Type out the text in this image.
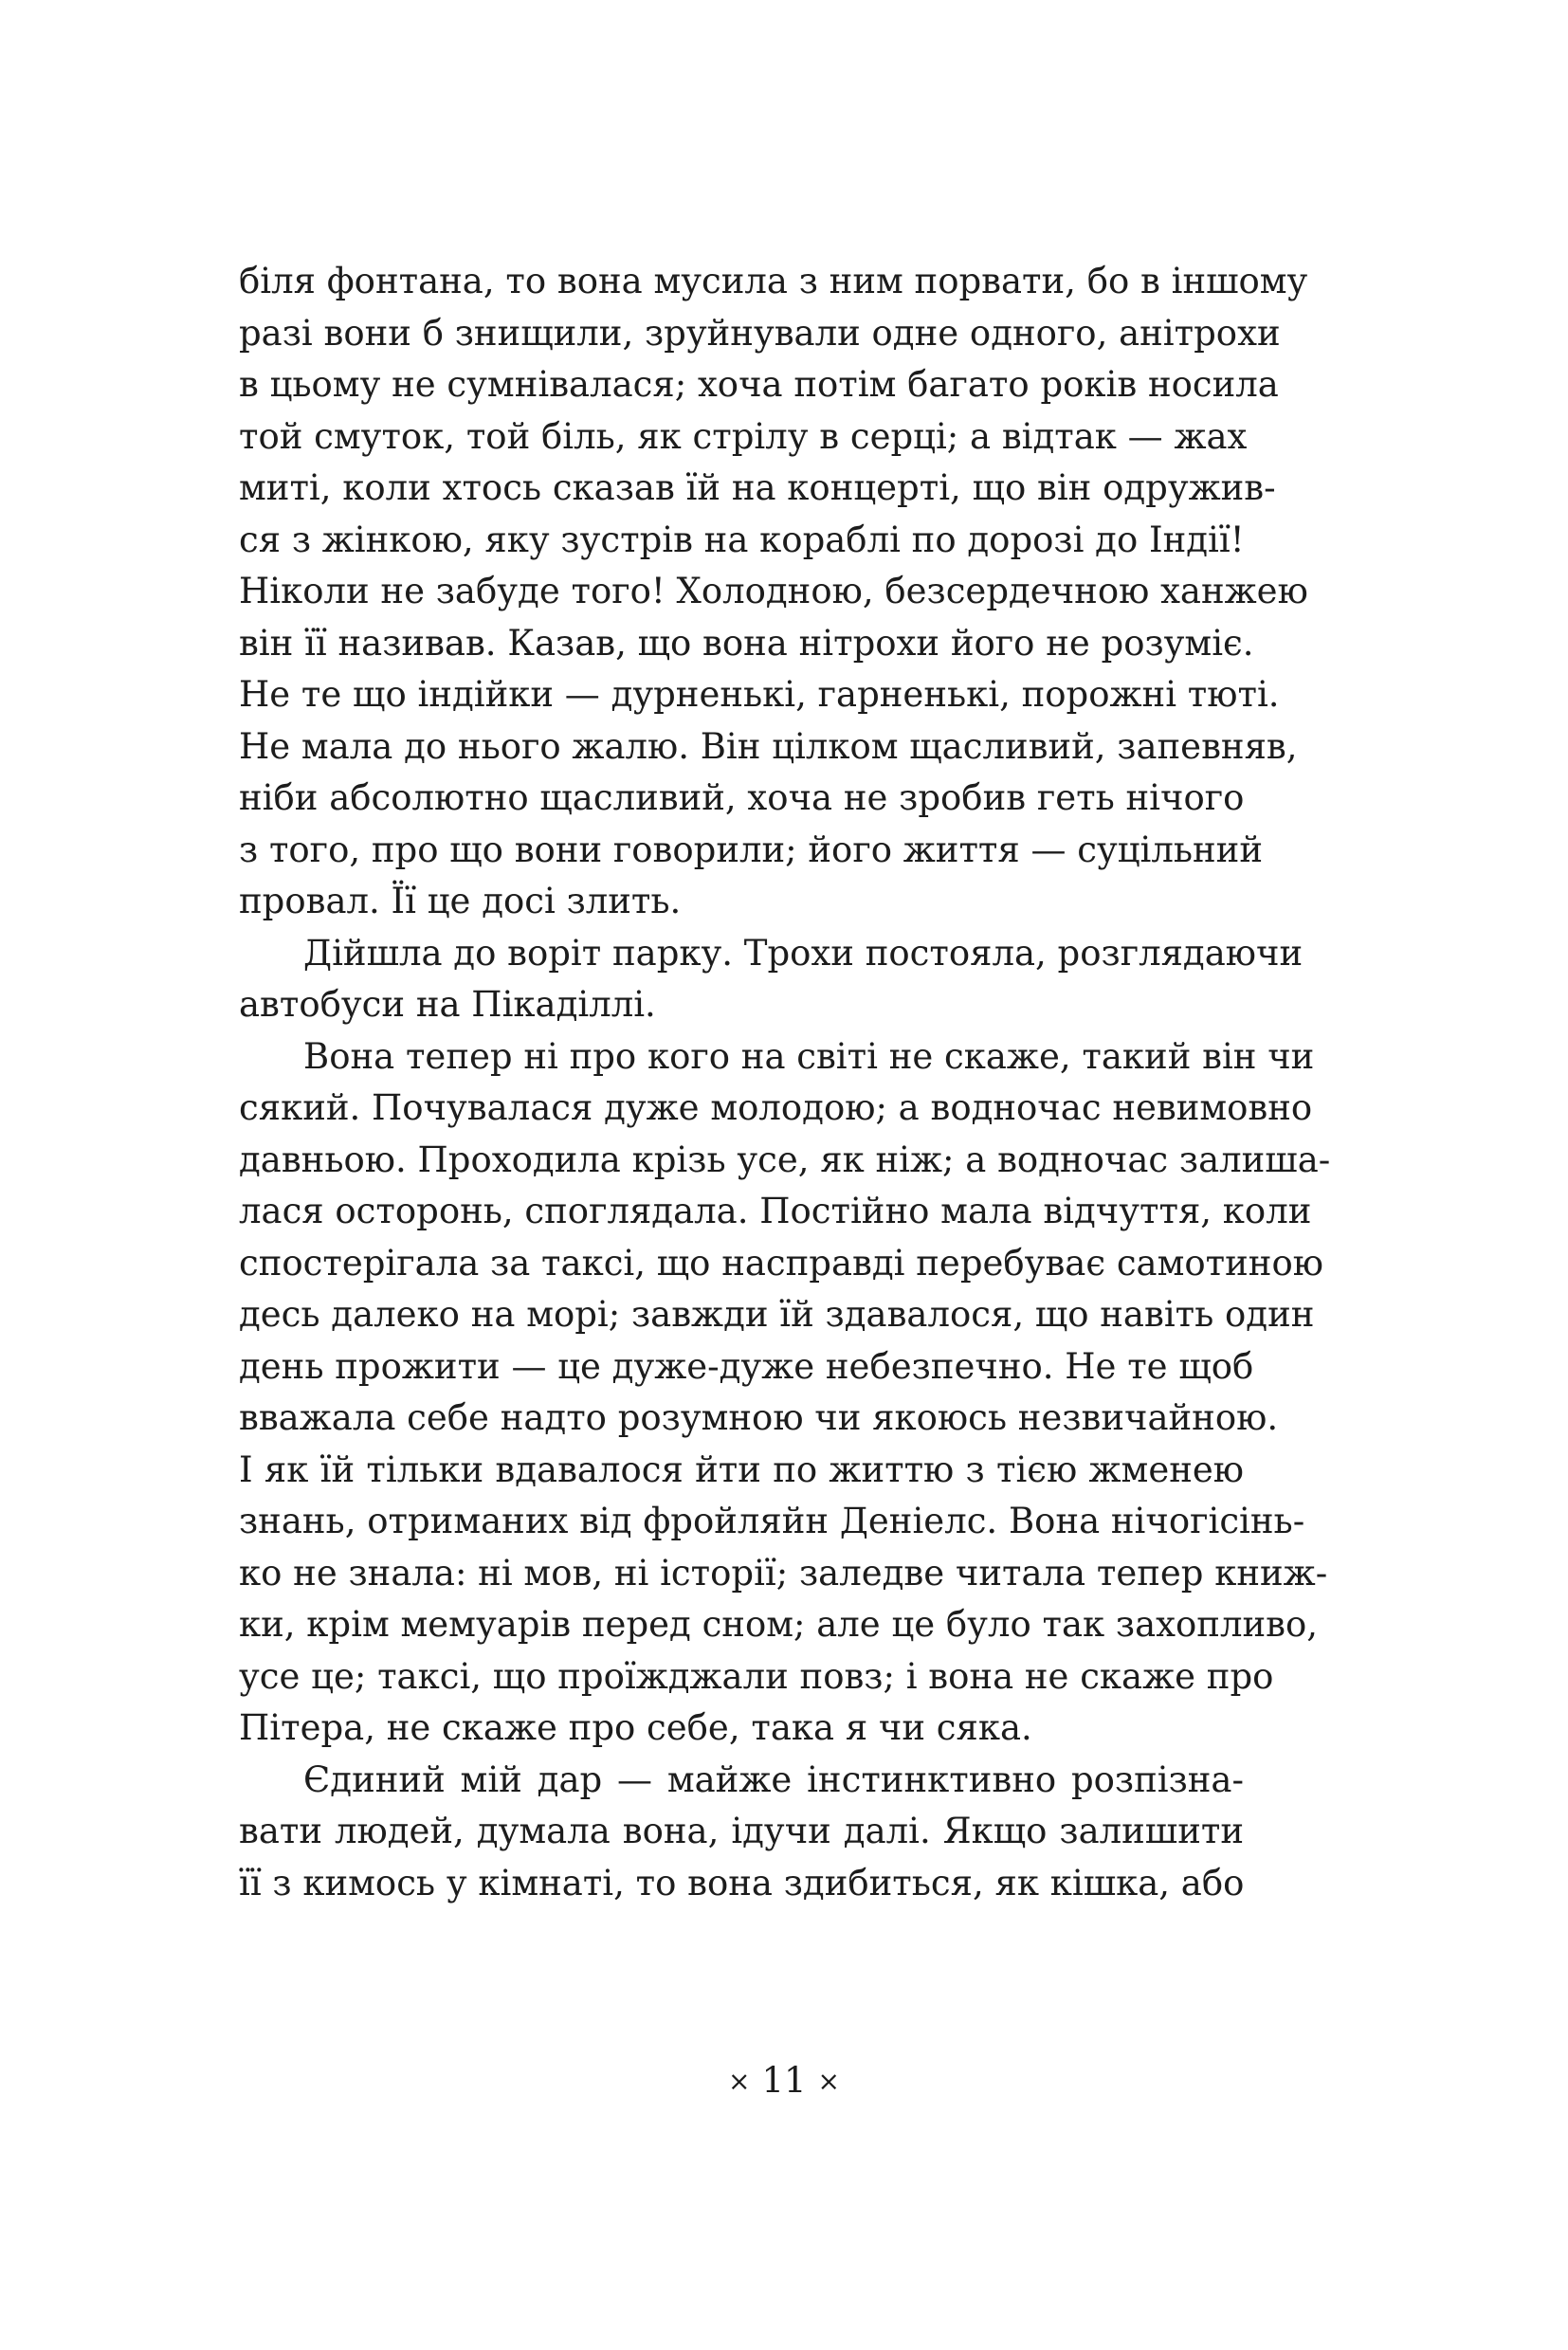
біля фонтана, то вона мусила з ним порвати, бо в іншому
разі вони б знищили, зруйнували одне одного, анітрохи
в цьому не сумнівалася; хоча потім багато років носила
той смуток, той біль, як стрілу в серці; а відтак — жах
миті, коли хтось сказав їй на концерті, що він одружив-
ся з жінкою, яку зустрів на кораблі по дорозі до Індії!
Ніколи не забуде того! Холодною, безсердечною ханжею
він її називав. Казав, що вона нітрохи його не розуміє.
Не те що індійки — дурненькі, гарненькі, порожні тюті.
Не мала до нього жалю. Він цілком щасливий, запевняв,
ніби абсолютно щасливий, хоча не зробив геть нічого
з того, про що вони говорили; його життя — суцільний
провал. Її це досі злить.
Дійшла до воріт парку. Трохи постояла, розглядаючи
автобуси на Пікаділлі.
Вона тепер ні про кого на світі не скаже, такий він чи
сякий. Почувалася дуже молодою; а водночас невимовно
давньою. Проходила крізь усе, як ніж; а водночас залиша-
лася осторонь, споглядала. Постійно мала відчуття, коли
спостерігала за таксі, що насправді перебуває самотиною
десь далеко на морі; завжди їй здавалося, що навіть один
день прожити — це дуже-дуже небезпечно. Не те щоб
вважала себе надто розумною чи якоюсь незвичайною.
І як їй тільки вдавалося йти по життю з тією жменею
знань, отриманих від фройляйн Деніелс. Вона нічогісінь-
ко не знала: ні мов, ні історії; заледве читала тепер книж-
ки, крім мемуарів перед сном; але це було так захопливо,
усе це; таксі, що проїжджали повз; і вона не скаже про
Пітера, не скаже про себе, така я чи сяка.
Єдиний мій дар — майже інстинктивно розпізна-
вати людей, думала вона, ідучи далі. Якщо залишити
її з кимось у кімнаті, то вона здибиться, як кішка, або
× 11 ×
